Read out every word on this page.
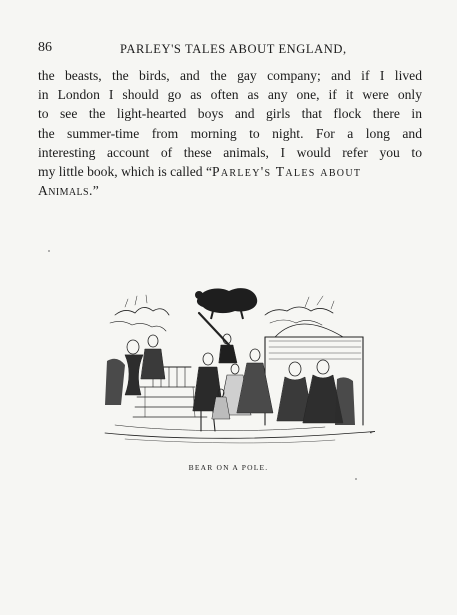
86	PARLEY'S TALES ABOUT ENGLAND,
the beasts, the birds, and the gay company; and if I lived
in London I should go as often as any one, if it were only
to see the light-hearted boys and girls that flock there in
the summer-time from morning to night. For a long and
interesting account of these animals, I would refer you to
my little book, which is called “Parley's Tales about
Animals.”
BEAR ON A POLE.
